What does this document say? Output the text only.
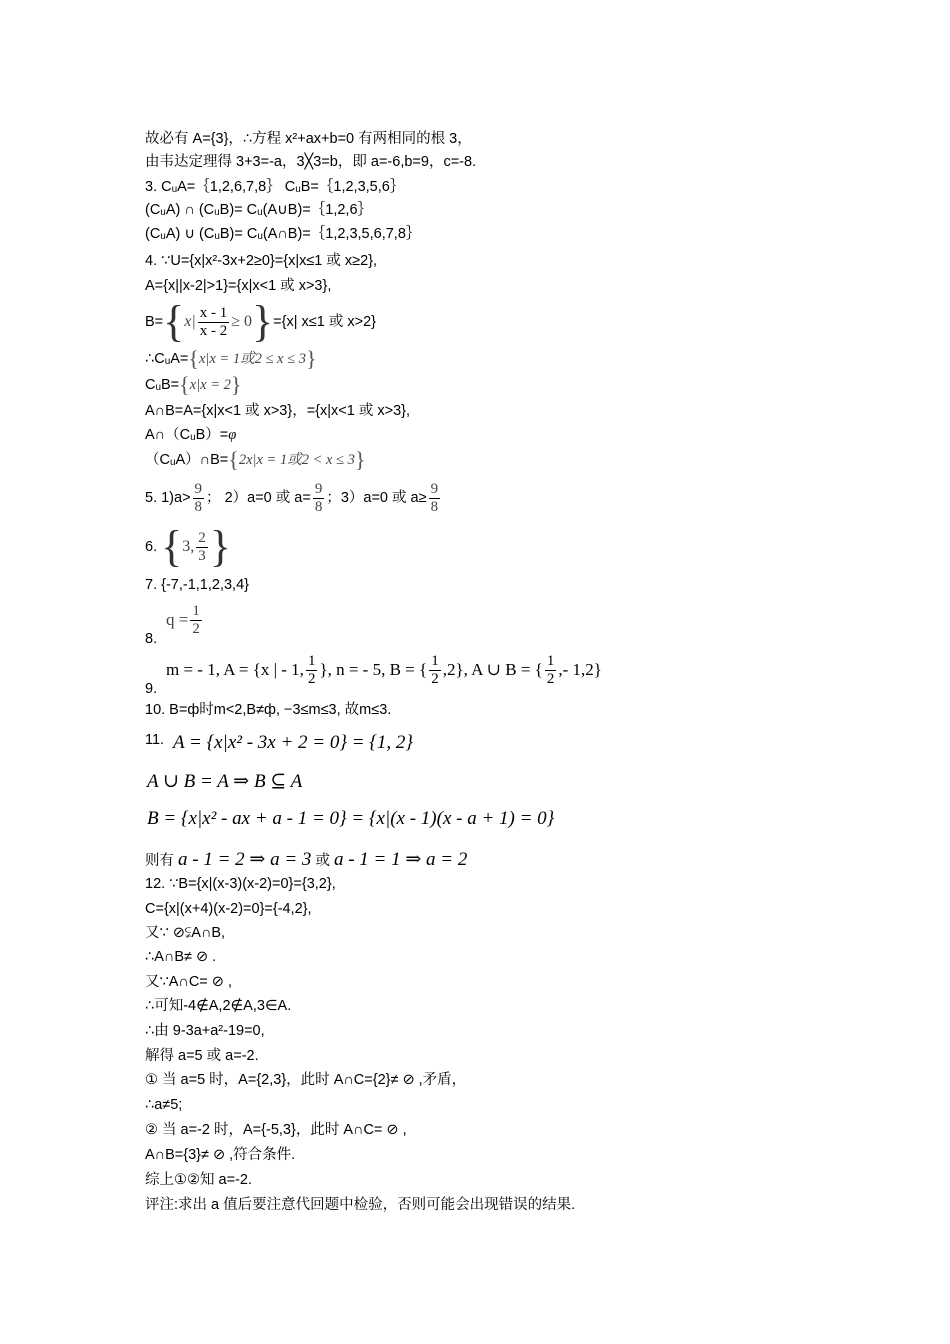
故必有 A={3}，∴方程 x²+ax+b=0 有两相同的根 3，
由韦达定理得 3+3=-a，3╳3=b，即 a=-6,b=9，c=-8.
3. CᵤA=｛1,2,6,7,8｝ CᵤB=｛1,2,3,5,6｝
(CᵤA) ∩ (CᵤB)= Cᵤ(A∪B)=｛1,2,6｝
(CᵤA) ∪ (CᵤB)= Cᵤ(A∩B)=｛1,2,3,5,6,7,8｝
4. ∵U={x|x²-3x+2≥0}={x|x≤1 或 x≥2},
A={x||x-2|>1}={x|x<1 或 x>3},
B= { $x| \frac{x - 1}{x - 2} \ge 0$ } ={x| x≤1 或 x>2}
∴CᵤA={x|x = 1或2 ≤ x ≤ 3}
CᵤB={x|x = 2}
A∩B=A={x|x<1 或 x>3}，={x|x<1 或 x>3},
A∩（CᵤB）=φ
（CᵤA）∩B={2x|x = 1或2 < x ≤ 3}
5. $1)a> \frac{9}{8}$ ； 2）a=0 或 $a= \frac{9}{8}$ ；3）a=0 或 $a\ge \frac{9}{8}$
6. { 3, $\frac{2}{3}$ }
7. {-7,-1,1,2,3,4}
$q = \frac{1}{2}$
8.
m = - 1, A = {x | - 1, $\frac{1}{2}$ }, n = - 5, B = { $\frac{1}{2} ,2$}, A ∪ B = { $\frac{1}{2}$ ,- 1,2}
9.
10. B=ф时m<2,B≠ф, −3≤m≤3, 故m≤3.
11. A = {x|x² - 3x + 2 = 0} = {1, 2}
A ∪ B = A ⇒ B ⊆ A
B = {x|x² - ax + a - 1 = 0} = {x|(x - 1)(x - a + 1) = 0}
则有 a - 1 = 2 ⇒ a = 3 或 a - 1 = 1 ⇒ a = 2
12. ∵B={x|(x-3)(x-2)=0}={3,2},
C={x|(x+4)(x-2)=0}={-4,2},
又∵ ⊘⫋A∩B,
∴A∩B≠ ⊘ .
又∵A∩C= ⊘ ,
∴可知-4∉A,2∉A,3∈A.
∴由 9-3a+a²-19=0,
解得 a=5 或 a=-2.
① 当 a=5 时，A={2,3}，此时 A∩C={2}≠ ⊘ ,矛盾，
∴a≠5;
② 当 a=-2 时，A={-5,3}，此时 A∩C= ⊘ ,
A∩B={3}≠ ⊘ ,符合条件.
综上①②知 a=-2.
评注:求出 a 值后要注意代回题中检验，否则可能会出现错误的结果.
